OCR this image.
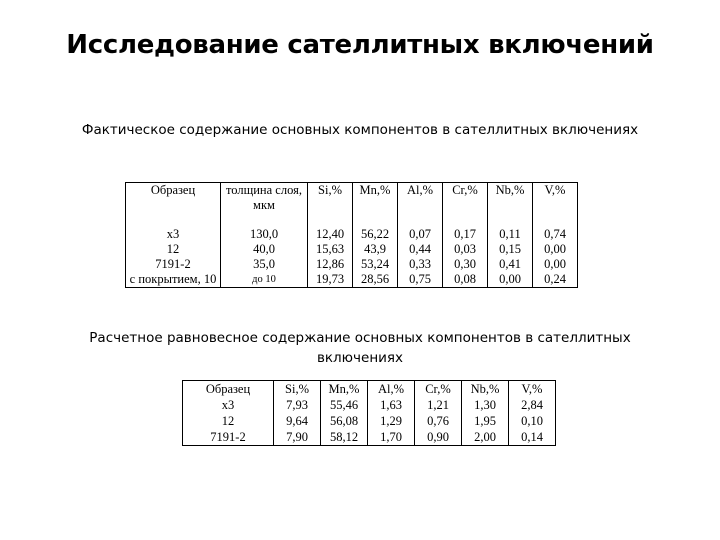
Исследование сателлитных включений
Фактическое содержание основных компонентов в сателлитных включениях
Образец	толщина слоя, мкм	Si,%	Mn,%	Al,%	Cr,%	Nb,%	V,%
х3	130,0	12,40	56,22	0,07	0,17	0,11	0,74
12	40,0	15,63	43,9	0,44	0,03	0,15	0,00
7191-2	35,0	12,86	53,24	0,33	0,30	0,41	0,00
с покрытием, 10	до 10	19,73	28,56	0,75	0,08	0,00	0,24
Расчетное равновесное содержание основных компонентов в сателлитных включениях
Образец	Si,%	Mn,%	Al,%	Cr,%	Nb,%	V,%
х3	7,93	55,46	1,63	1,21	1,30	2,84
12	9,64	56,08	1,29	0,76	1,95	0,10
7191-2	7,90	58,12	1,70	0,90	2,00	0,14
